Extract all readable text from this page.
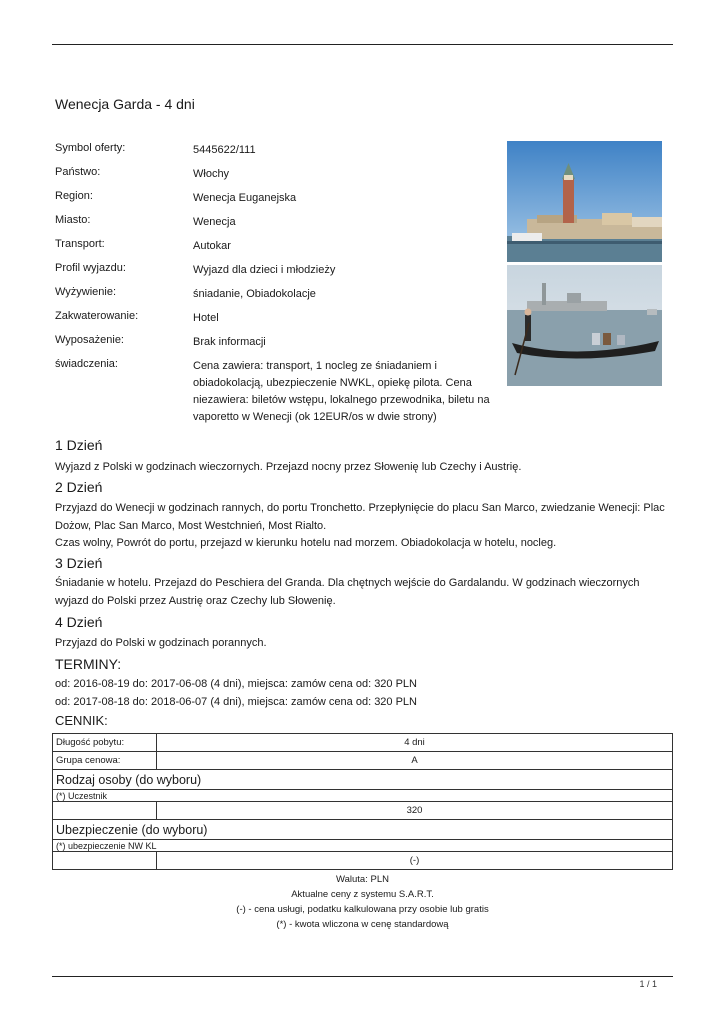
Wenecja Garda - 4 dni
Symbol oferty:	5445622/111
Państwo:	Włochy
Region:	Wenecja Euganejska
Miasto:	Wenecja
Transport:	Autokar
Profil wyjazdu:	Wyjazd dla dzieci i młodzieży
Wyżywienie:	śniadanie, Obiadokolacje
Zakwaterowanie:	Hotel
Wyposażenie:	Brak informacji
świadczenia:	Cena zawiera: transport, 1 nocleg ze śniadaniem i obiadokolacją, ubezpieczenie NWKL, opiekę pilota. Cena niezawiera: biletów wstępu, lokalnego przewodnika, biletu na vaporetto w Wenecji (ok 12EUR/os w dwie strony)
1 Dzień
Wyjazd z Polski w godzinach wieczornych. Przejazd nocny przez Słowenię lub Czechy i Austrię.
2 Dzień
Przyjazd do Wenecji w godzinach rannych, do portu Tronchetto. Przepłynięcie do placu San Marco, zwiedzanie Wenecji: Plac Dożow, Plac San Marco, Most Westchnień, Most Rialto.
Czas wolny, Powrót do portu, przejazd w kierunku hotelu nad morzem. Obiadokolacja w hotelu, nocleg.
3 Dzień
Śniadanie w hotelu. Przejazd do Peschiera del Granda. Dla chętnych wejście do Gardalandu. W godzinach wieczornych wyjazd do Polski przez Austrię oraz Czechy lub Słowenię.
4 Dzień
Przyjazd do Polski w godzinach porannych.
TERMINY:
od: 2016-08-19 do: 2017-06-08 (4 dni), miejsca: zamów cena od: 320 PLN
od: 2017-08-18 do: 2018-06-07 (4 dni), miejsca: zamów cena od: 320 PLN
CENNIK:
Długość pobytu:	4 dni
Grupa cenowa:	A
Rodzaj osoby (do wyboru)	
(*) Uczestnik	
	320
Ubezpieczenie (do wyboru)	
(*) ubezpieczenie NW KL	
	(-)
Waluta: PLN
Aktualne ceny z systemu S.A.R.T.
(-) - cena usługi, podatku kalkulowana przy osobie lub gratis
(*) - kwota wliczona w cenę standardową
1 / 1
